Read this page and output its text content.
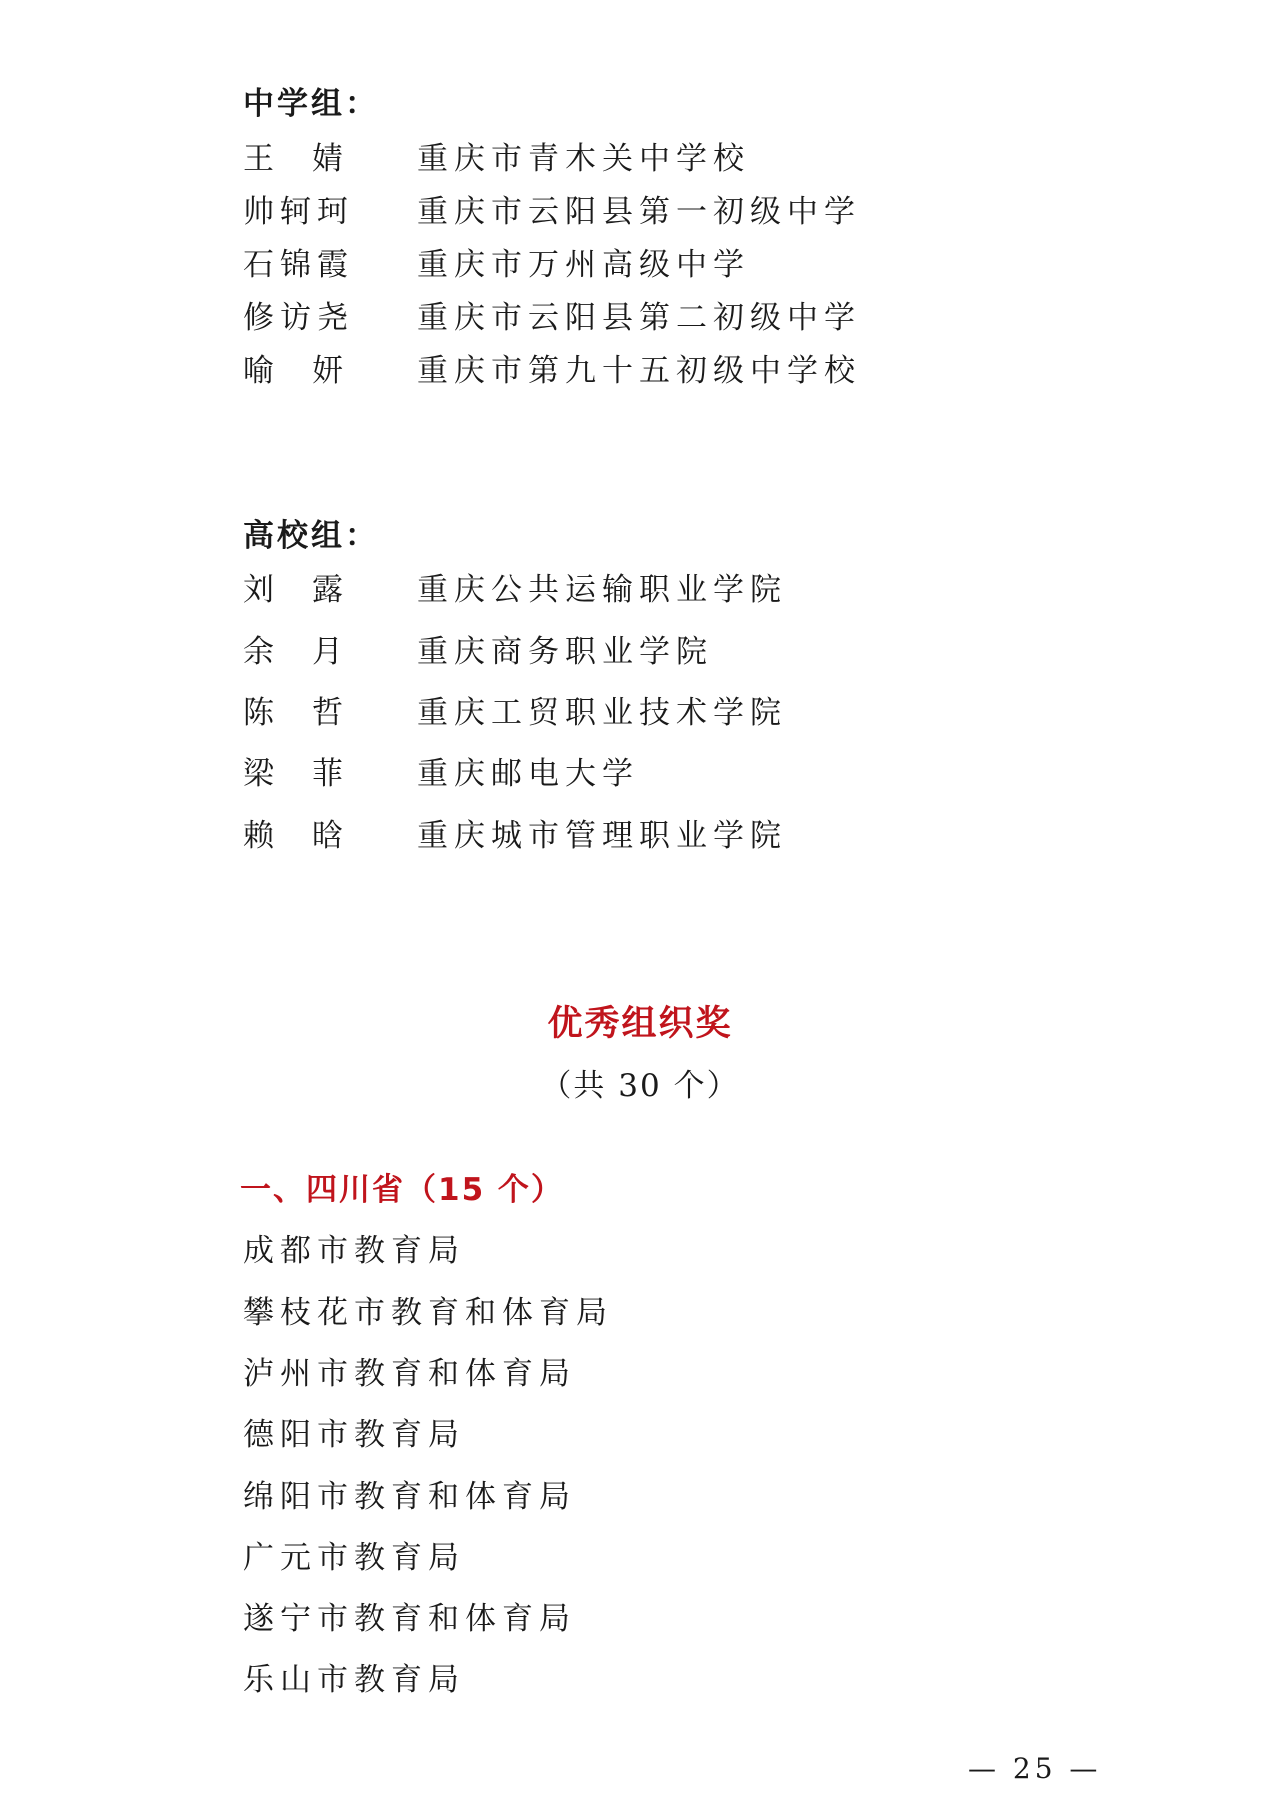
中学组：
王婧 重庆市青木关中学校
帅轲珂 重庆市云阳县第一初级中学
石锦霞 重庆市万州高级中学
修访尧 重庆市云阳县第二初级中学
喻妍 重庆市第九十五初级中学校
高校组：
刘露 重庆公共运输职业学院
余月 重庆商务职业学院
陈哲 重庆工贸职业技术学院
梁菲 重庆邮电大学
赖晗 重庆城市管理职业学院
优秀组织奖
（共 30 个）
一、四川省（15 个）
成都市教育局
攀枝花市教育和体育局
泸州市教育和体育局
德阳市教育局
绵阳市教育和体育局
广元市教育局
遂宁市教育和体育局
乐山市教育局
— 25 —
